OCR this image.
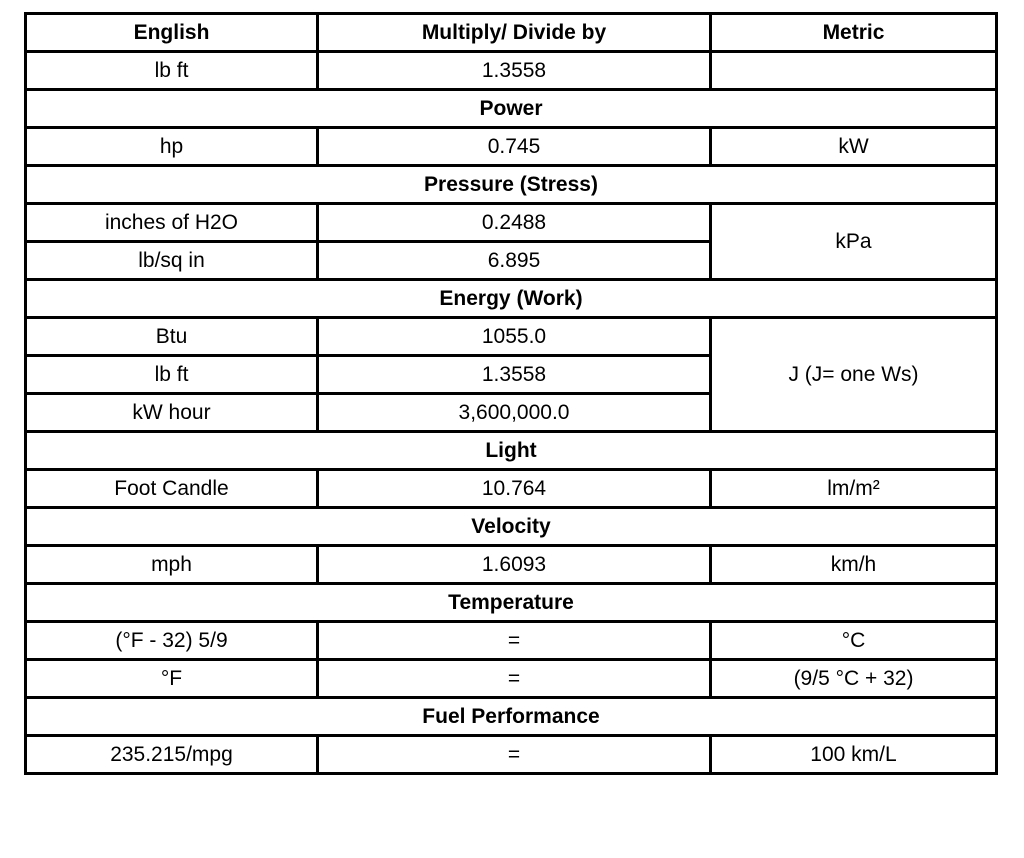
English	Multiply/ Divide by	Metric
lb ft	1.3558	
Power		
hp	0.745	kW
Pressure (Stress)		
inches of H2O	0.2488	kPa
lb/sq in	6.895	
Energy (Work)		
Btu	1055.0	J (J= one Ws)
lb ft	1.3558	
kW hour	3,600,000.0	
Light		
Foot Candle	10.764	lm/m²
Velocity		
mph	1.6093	km/h
Temperature		
(°F - 32) 5/9	=	°C
°F	=	(9/5 °C + 32)
Fuel Performance		
235.215/mpg	=	100 km/L
